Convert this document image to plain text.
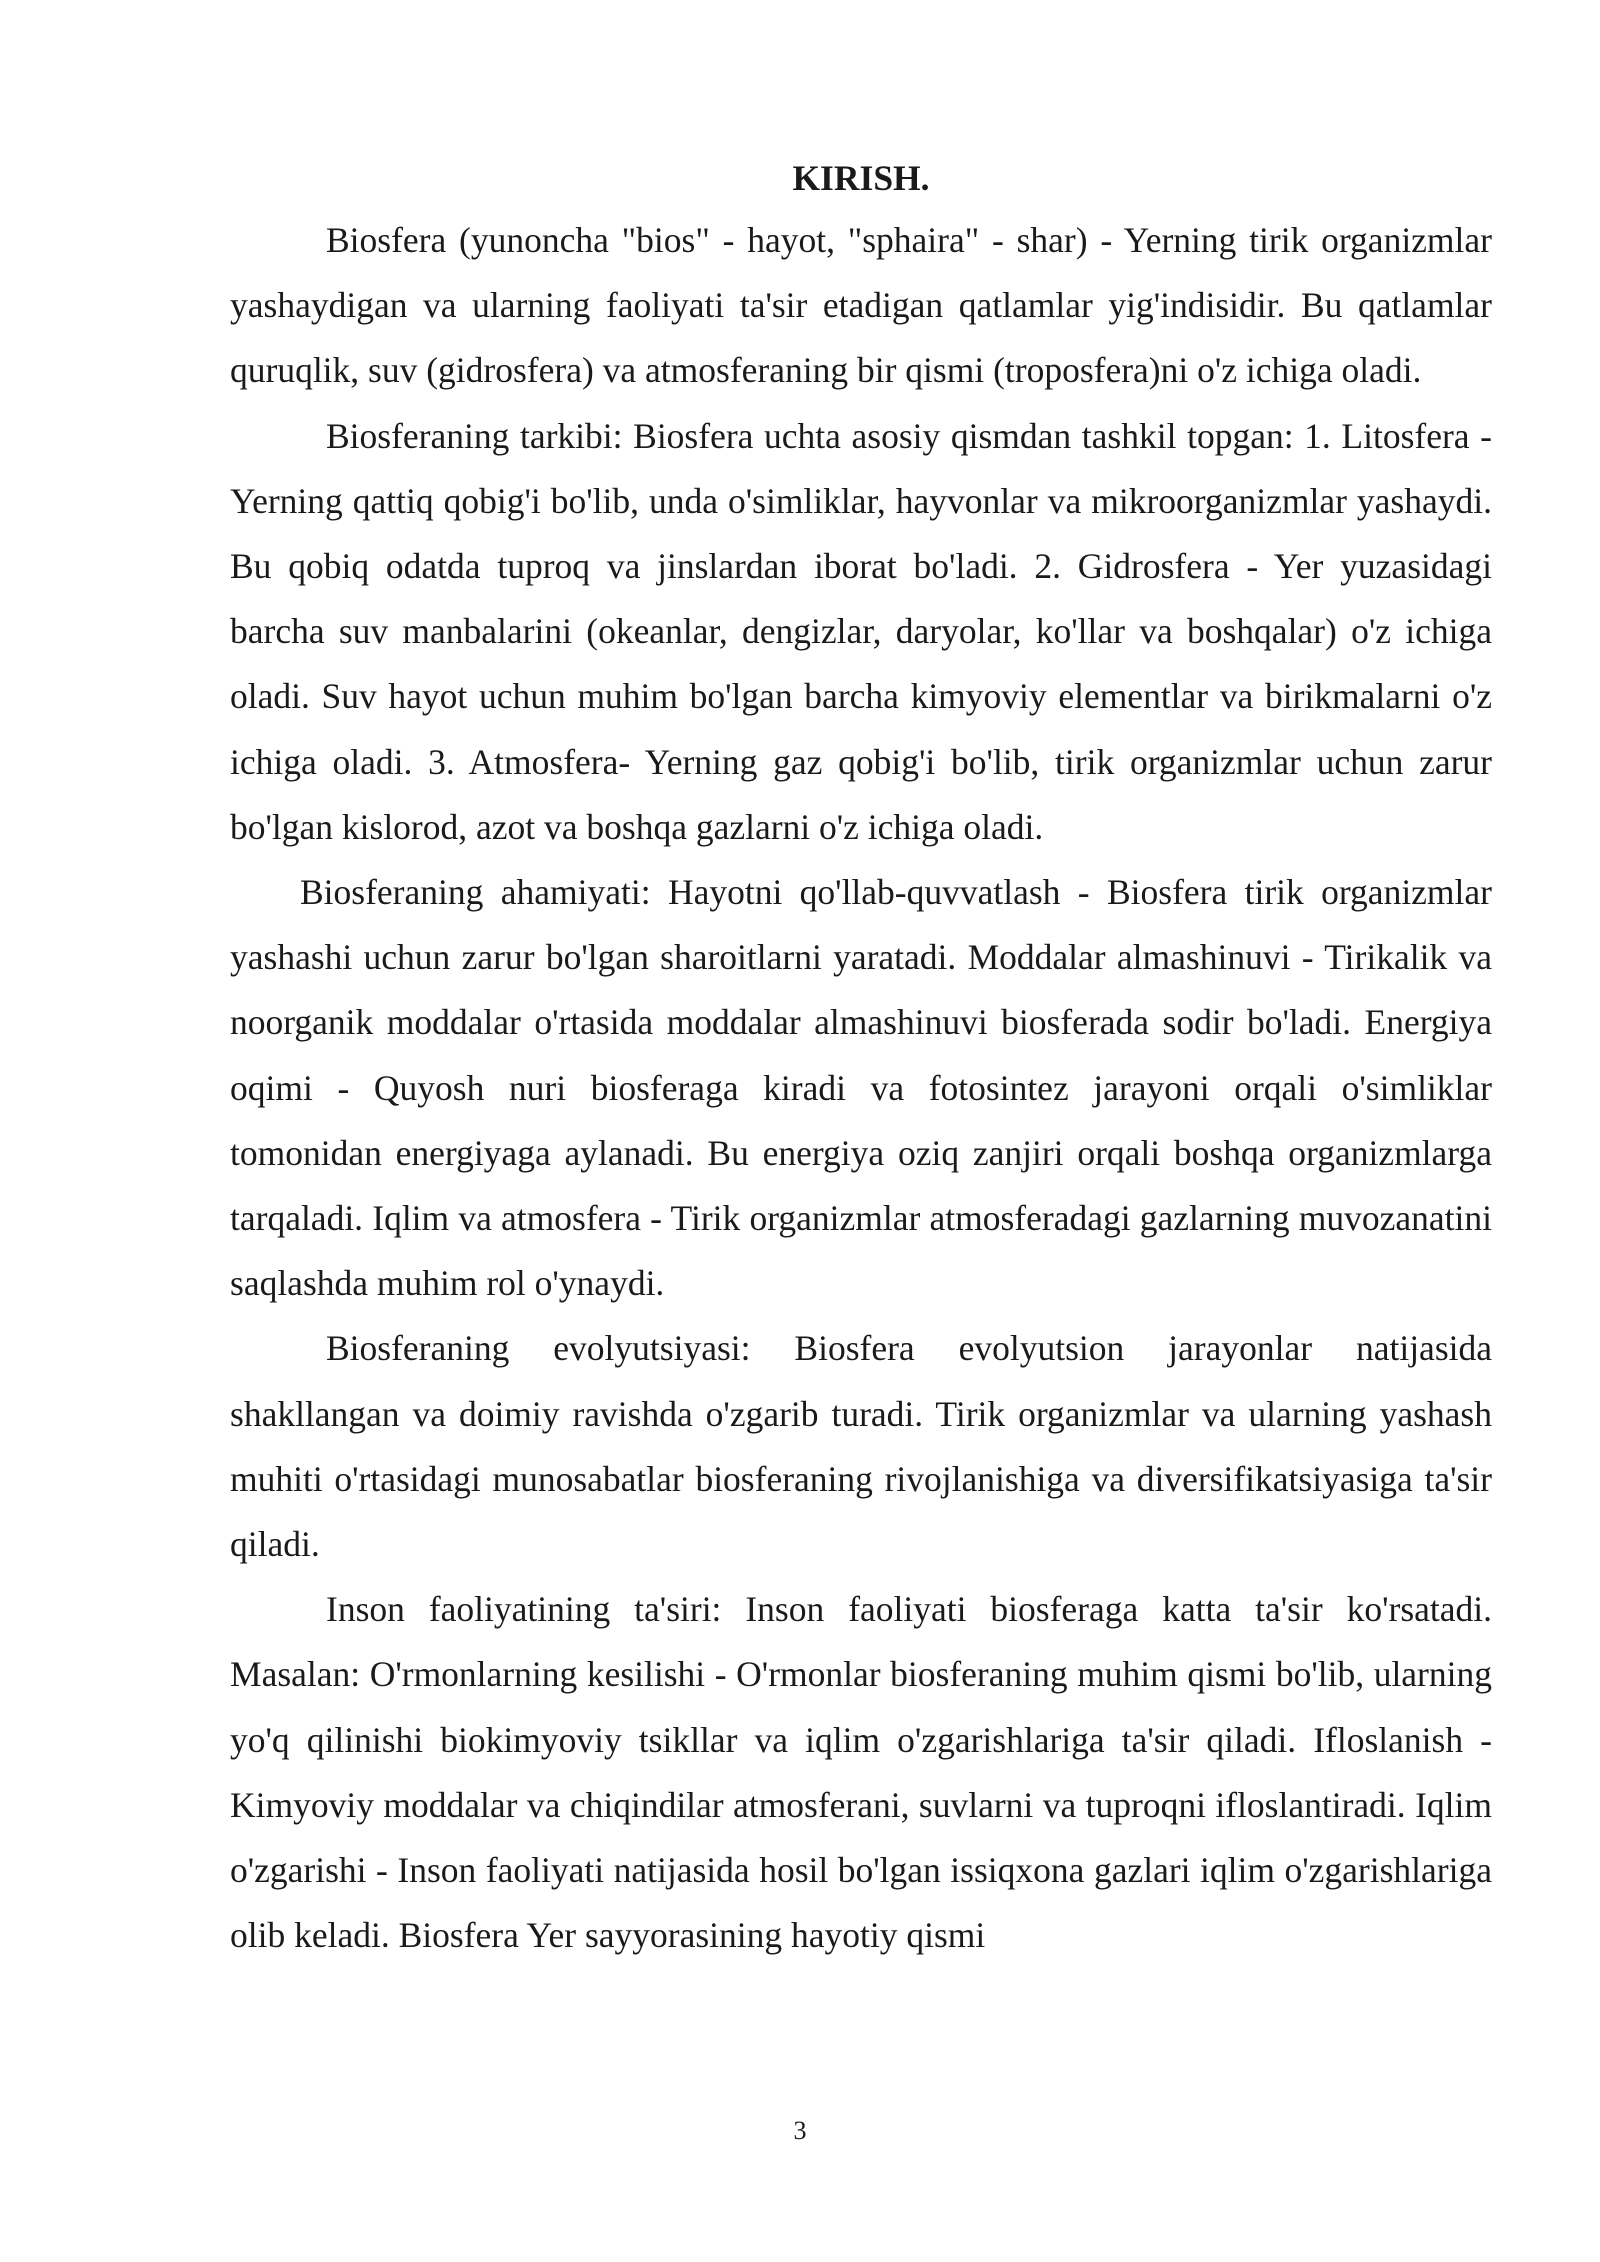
KIRISH.

Biosfera (yunoncha "bios" - hayot, "sphaira" - shar) - Yerning tirik organizmlar yashaydigan va ularning faoliyati ta'sir etadigan qatlamlar yig'indisidir. Bu qatlamlar quruqlik, suv (gidrosfera) va atmosferaning bir qismi (troposfera)ni o'z ichiga oladi.

Biosferaning tarkibi: Biosfera uchta asosiy qismdan tashkil topgan: 1. Litosfera - Yerning qattiq qobig'i bo'lib, unda o'simliklar, hayvonlar va mikroorganizmlar yashaydi. Bu qobiq odatda tuproq va jinslardan iborat bo'ladi. 2. Gidrosfera - Yer yuzasidagi barcha suv manbalarini (okeanlar, dengizlar, daryolar, ko'llar va boshqalar) o'z ichiga oladi. Suv hayot uchun muhim bo'lgan barcha kimyoviy elementlar va birikmalarni o'z ichiga oladi. 3. Atmosfera- Yerning gaz qobig'i bo'lib, tirik organizmlar uchun zarur bo'lgan kislorod, azot va boshqa gazlarni o'z ichiga oladi.

Biosferaning ahamiyati: Hayotni qo'llab-quvvatlash - Biosfera tirik organizmlar yashashi uchun zarur bo'lgan sharoitlarni yaratadi. Moddalar almashinuvi - Tirikalik va noorganik moddalar o'rtasida moddalar almashinuvi biosferada sodir bo'ladi. Energiya oqimi - Quyosh nuri biosferaga kiradi va fotosintez jarayoni orqali o'simliklar tomonidan energiyaga aylanadi. Bu energiya oziq zanjiri orqali boshqa organizmlarga tarqaladi. Iqlim va atmosfera - Tirik organizmlar atmosferadagi gazlarning muvozanatini saqlashda muhim rol o'ynaydi.

Biosferaning evolyutsiyasi: Biosfera evolyutsion jarayonlar natijasida shakllangan va doimiy ravishda o'zgarib turadi. Tirik organizmlar va ularning yashash muhiti o'rtasidagi munosabatlar biosferaning rivojlanishiga va diversifikatsiyasiga ta'sir qiladi.

Inson faoliyatining ta'siri: Inson faoliyati biosferaga katta ta'sir ko'rsatadi. Masalan: O'rmonlarning kesilishi - O'rmonlar biosferaning muhim qismi bo'lib, ularning yo'q qilinishi biokimyoviy tsikllar va iqlim o'zgarishlariga ta'sir qiladi. Ifloslanish - Kimyoviy moddalar va chiqindilar atmosferani, suvlarni va tuproqni ifloslantiradi. Iqlim o'zgarishi - Inson faoliyati natijasida hosil bo'lgan issiqxona gazlari iqlim o'zgarishlariga olib keladi. Biosfera Yer sayyorasining hayotiy qismi

3
